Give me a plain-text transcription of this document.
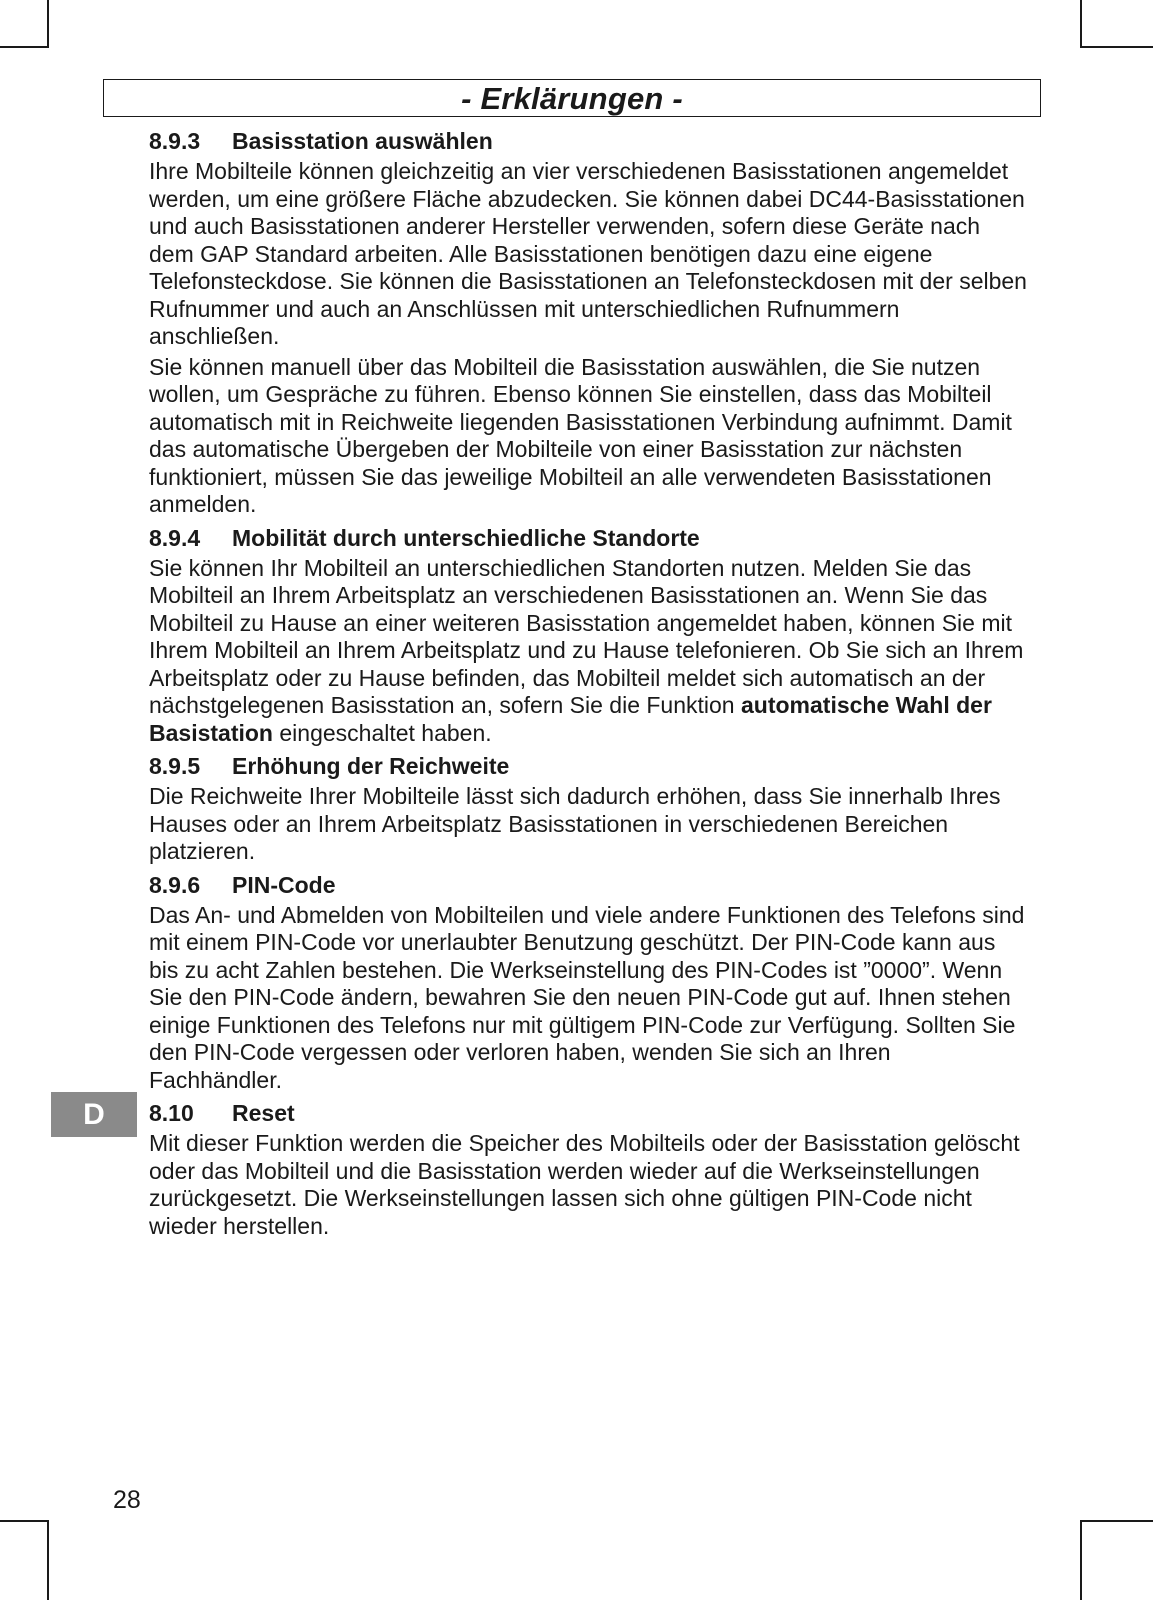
- Erklärungen -
8.9.3	Basisstation auswählen

Ihre Mobilteile können gleichzeitig an vier verschiedenen Basisstationen angemeldet werden, um eine größere Fläche abzudecken. Sie können dabei DC44-Basisstationen und auch Basisstationen anderer Hersteller verwenden, sofern diese Geräte nach dem GAP Standard arbeiten. Alle Basisstationen benötigen dazu eine eigene Telefonsteckdose. Sie können die Basisstationen an Telefonsteckdosen mit der selben Rufnummer und auch an Anschlüssen mit unterschiedlichen Rufnummern anschließen.

Sie können manuell über das Mobilteil die Basisstation auswählen, die Sie nutzen wollen, um Gespräche zu führen. Ebenso können Sie einstellen, dass das Mobilteil automatisch mit in Reichweite liegenden Basisstationen Verbindung aufnimmt. Damit das automatische Übergeben der Mobilteile von einer Basisstation zur nächsten funktioniert, müssen Sie das jeweilige Mobilteil an alle verwendeten Basisstationen anmelden.

8.9.4	Mobilität durch unterschiedliche Standorte

Sie können Ihr Mobilteil an unterschiedlichen Standorten nutzen. Melden Sie das Mobilteil an Ihrem Arbeitsplatz an verschiedenen Basisstationen an. Wenn Sie das Mobilteil zu Hause an einer weiteren Basisstation angemeldet haben, können Sie mit Ihrem Mobilteil an Ihrem Arbeitsplatz und zu Hause telefonieren. Ob Sie sich an Ihrem Arbeitsplatz oder zu Hause befinden, das Mobilteil meldet sich automatisch an der nächstgelegenen Basisstation an, sofern Sie die Funktion automatische Wahl der Basistation eingeschaltet haben.

8.9.5	Erhöhung der Reichweite

Die Reichweite Ihrer Mobilteile lässt sich dadurch erhöhen, dass Sie innerhalb Ihres Hauses oder an Ihrem Arbeitsplatz Basisstationen in verschiedenen Bereichen platzieren.

8.9.6	PIN-Code

Das An- und Abmelden von Mobilteilen und viele andere Funktionen des Telefons sind mit einem PIN-Code vor unerlaubter Benutzung geschützt. Der PIN-Code kann aus bis zu acht Zahlen bestehen. Die Werkseinstellung des PIN-Codes ist ”0000”. Wenn Sie den PIN-Code ändern, bewahren Sie den neuen PIN-Code gut auf. Ihnen stehen einige Funktionen des Telefons nur mit gültigem PIN-Code zur Verfügung. Sollten Sie den PIN-Code vergessen oder verloren haben, wenden Sie sich an Ihren Fachhändler.

8.10	Reset

Mit dieser Funktion werden die Speicher des Mobilteils oder der Basisstation gelöscht oder das Mobilteil und die Basisstation werden wieder auf die Werkseinstellungen zurückgesetzt. Die Werkseinstellungen lassen sich ohne gültigen PIN-Code nicht wieder herstellen.

D
28
